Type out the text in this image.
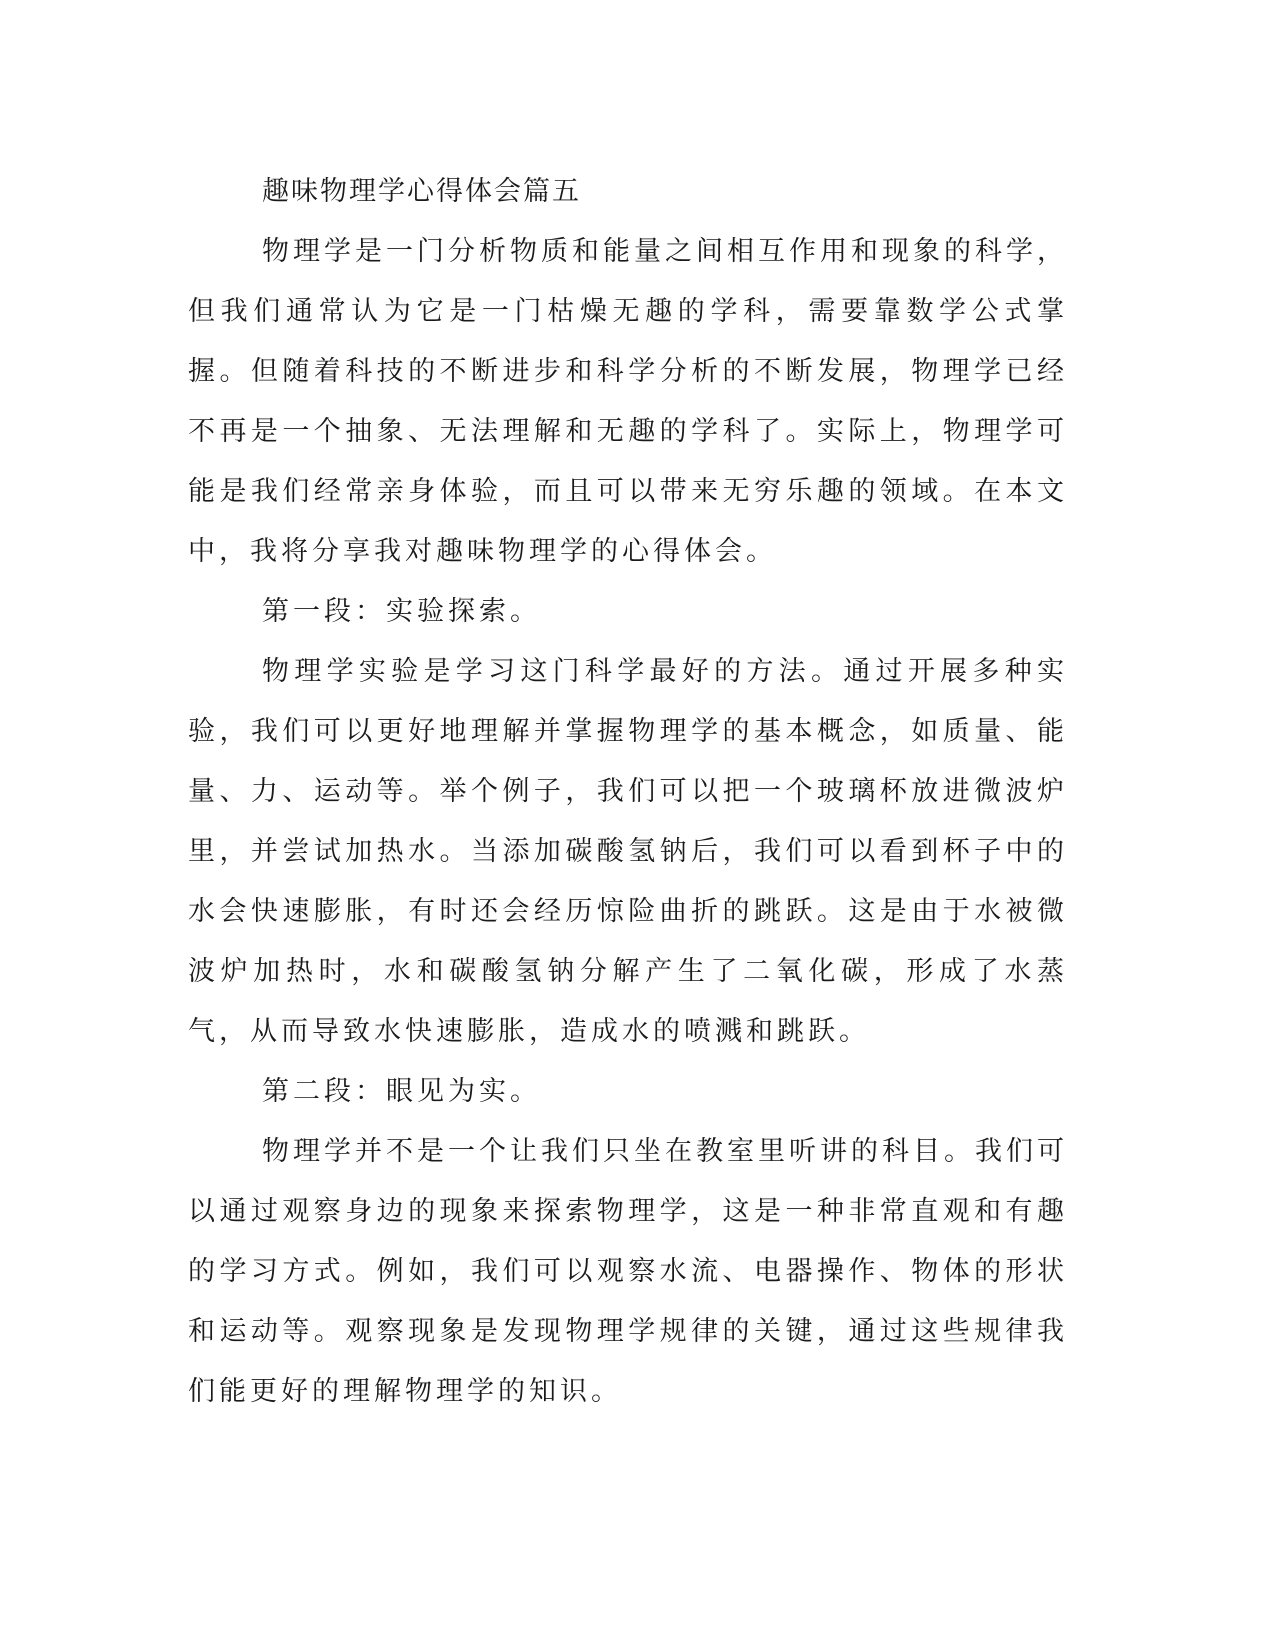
趣味物理学心得体会篇五

物理学是一门分析物质和能量之间相互作用和现象的科学，但我们通常认为它是一门枯燥无趣的学科，需要靠数学公式掌握。但随着科技的不断进步和科学分析的不断发展，物理学已经不再是一个抽象、无法理解和无趣的学科了。实际上，物理学可能是我们经常亲身体验，而且可以带来无穷乐趣的领域。在本文中，我将分享我对趣味物理学的心得体会。

第一段：实验探索。

物理学实验是学习这门科学最好的方法。通过开展多种实验，我们可以更好地理解并掌握物理学的基本概念，如质量、能量、力、运动等。举个例子，我们可以把一个玻璃杯放进微波炉里，并尝试加热水。当添加碳酸氢钠后，我们可以看到杯子中的水会快速膨胀，有时还会经历惊险曲折的跳跃。这是由于水被微波炉加热时，水和碳酸氢钠分解产生了二氧化碳，形成了水蒸气，从而导致水快速膨胀，造成水的喷溅和跳跃。

第二段：眼见为实。

物理学并不是一个让我们只坐在教室里听讲的科目。我们可以通过观察身边的现象来探索物理学，这是一种非常直观和有趣的学习方式。例如，我们可以观察水流、电器操作、物体的形状和运动等。观察现象是发现物理学规律的关键，通过这些规律我们能更好的理解物理学的知识。
